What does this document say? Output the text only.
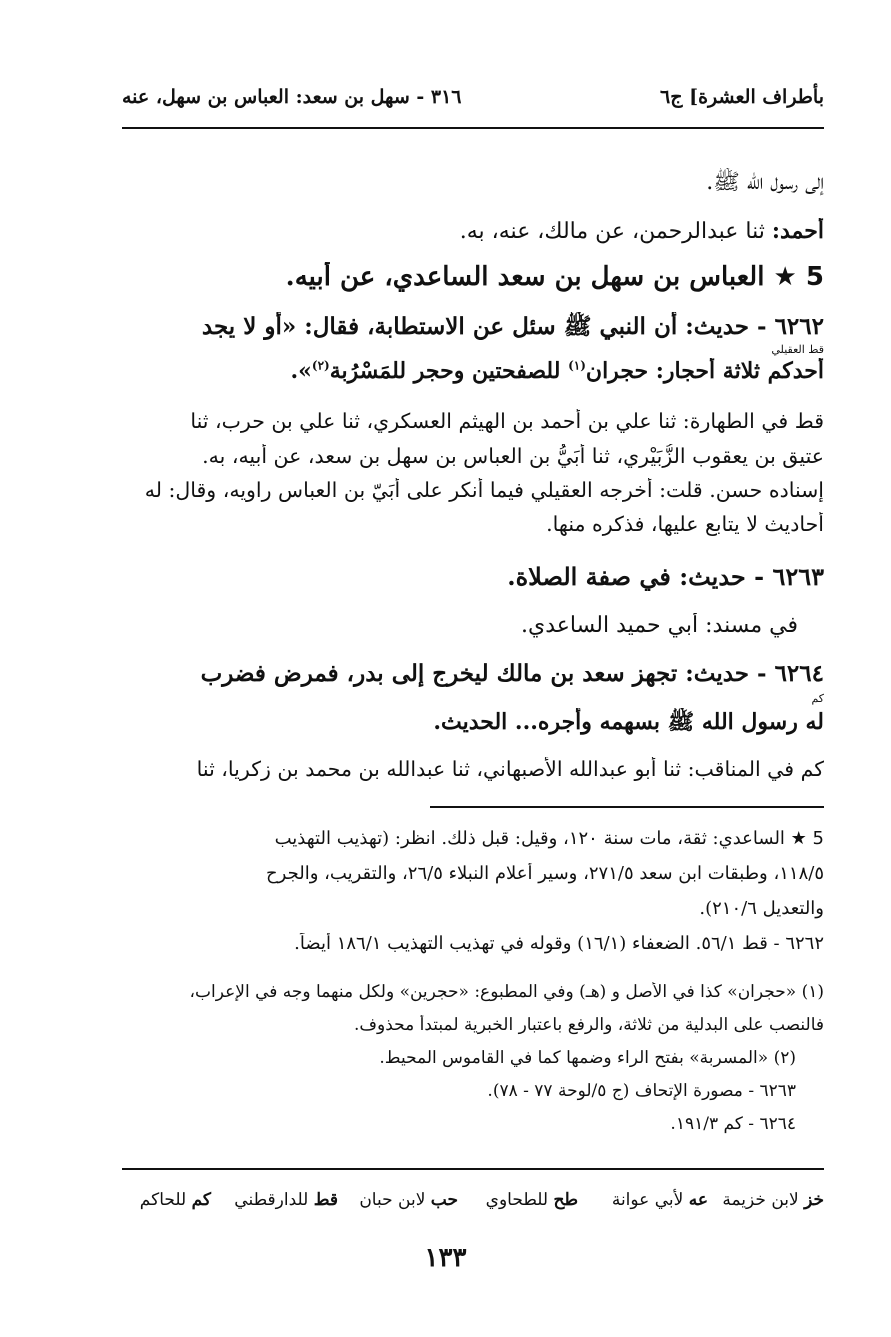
بأطراف العشرة] ج٦
٣١٦ - سهل بن سعد: العباس بن سهل، عنه
إلى رسول الله ﷺ.
أحمد: ثنا عبدالرحمن، عن مالك، عنه، به.
5 ★ العباس بن سهل بن سعد الساعدي، عن أبيه.
٦٢٦٢ - حديث: أن النبي ﷺ سئل عن الاستطابة، فقال: «أو لا يجد
قط العقيلي
أحدكم ثلاثة أحجار: حجران$^{(١)}$ للصفحتين وحجر للمَسْرُبة$^{(٢)}$».
قط في الطهارة: ثنا علي بن أحمد بن الهيثم العسكري، ثنا علي بن حرب، ثنا
عتيق بن يعقوب الزُّبَيْري، ثنا أُبَيُّ بن العباس بن سهل بن سعد، عن أبيه، به.
إسناده حسن. قلت: أخرجه العقيلي فيما أنكر على أُبَيّ بن العباس راويه، وقال: له
أحاديث لا يتابع عليها، فذكره منها.
٦٢٦٣ - حديث: في صفة الصلاة.
في مسند: أبي حميد الساعدي.
٦٢٦٤ - حديث: تجهز سعد بن مالك ليخرج إلى بدر، فمرض فضرب
كم
له رسول الله ﷺ بسهمه وأجره... الحديث.
كم في المناقب: ثنا أبو عبدالله الأصبهاني، ثنا عبدالله بن محمد بن زكريا، ثنا
5 ★ الساعدي: ثقة، مات سنة ١٢٠، وقيل: قبل ذلك. انظر: (تهذيب التهذيب
١١٨/٥، وطبقات ابن سعد ٢٧١/٥، وسير أعلام النبلاء ٢٦/٥، والتقريب، والجرح
والتعديل ٢١٠/٦).
٦٢٦٢ - قط ٥٦/١. الضعفاء (١٦/١) وقوله في تهذيب التهذيب ١٨٦/١ أيضاً.
(١) «حجران» كذا في الأصل و (هـ) وفي المطبوع: «حجرين» ولكل منهما وجه في الإعراب،
فالنصب على البدلية من ثلاثة، والرفع باعتبار الخبرية لمبتدأ محذوف.
(٢) «المسربة» بفتح الراء وضمها كما في القاموس المحيط.
٦٢٦٣ - مصورة الإتحاف (ج ٥/لوحة ٧٧ - ٧٨).
٦٢٦٤ - كم ١٩١/٣.
خز لابن خزيمة
عه لأبي عوانة
طح للطحاوي
حب لابن حبان
قط للدارقطني
كم للحاكم
١٣٣
